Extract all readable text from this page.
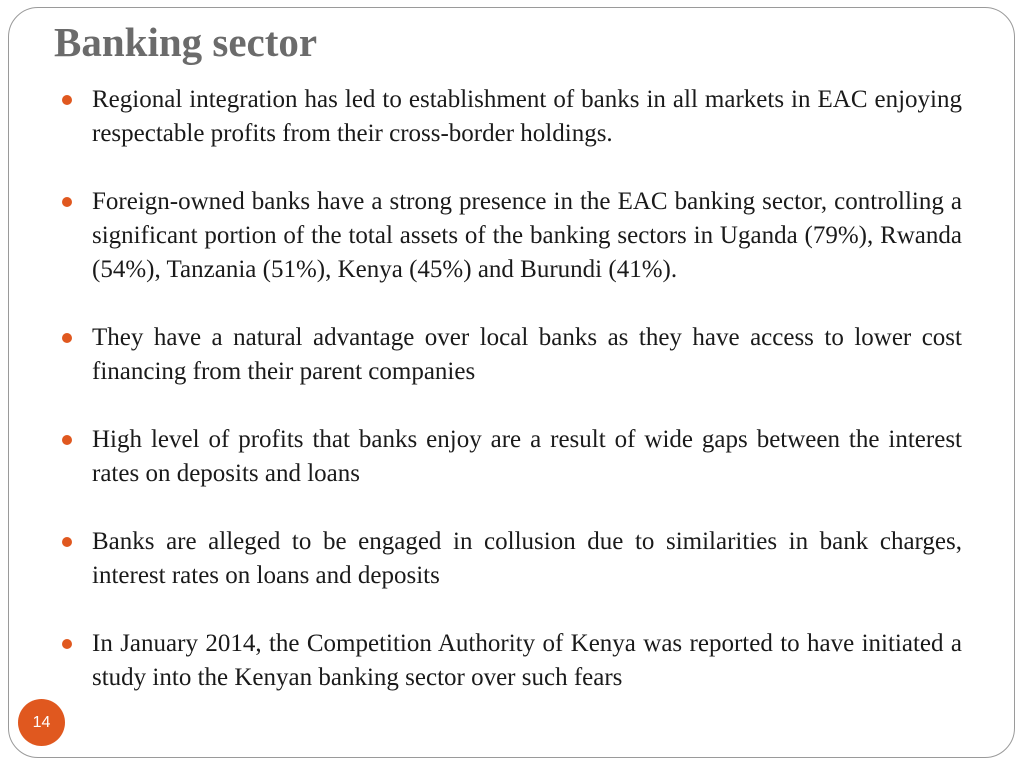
Banking sector
Regional integration has led to establishment of banks in all markets in EAC enjoying respectable profits from their cross-border holdings.
Foreign-owned banks have a strong presence in the EAC banking sector, controlling a significant portion of the total assets of the banking sectors in Uganda (79%), Rwanda (54%), Tanzania (51%), Kenya (45%) and Burundi (41%).
They have a natural advantage over local banks as they have access to lower cost financing from their parent companies
High level of profits that banks enjoy are a result of wide gaps between the interest rates on deposits and loans
Banks are alleged to be engaged in collusion due to similarities in bank charges, interest rates on loans and deposits
In January 2014, the Competition Authority of Kenya was reported to have initiated a study into the Kenyan banking sector over such fears
14
